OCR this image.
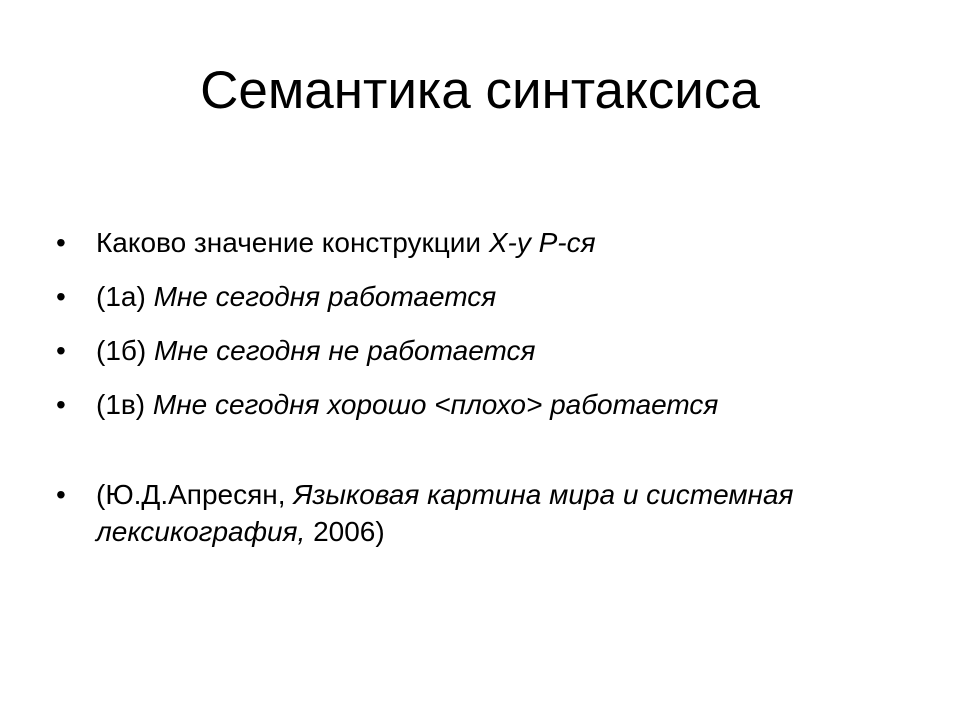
Семантика синтаксиса
•	Каково значение конструкции X-у P-ся
•	(1а) Мне сегодня работается
•	(1б) Мне сегодня не работается
•	(1в) Мне сегодня хорошо <плохо> работается
•	(Ю.Д.Апресян, Языковая картина мира и системная лексикография, 2006)
